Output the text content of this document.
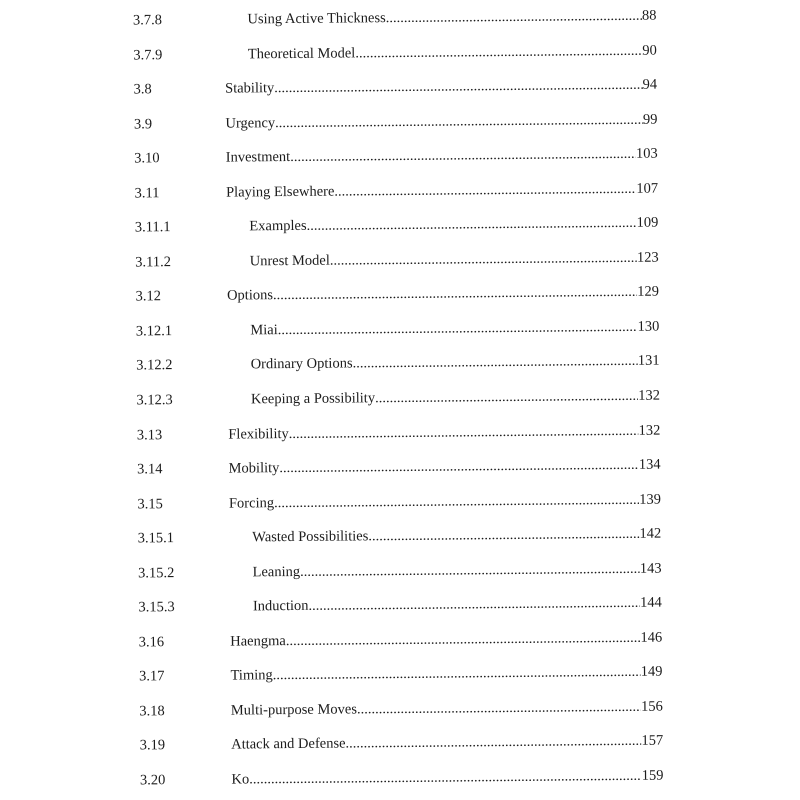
3.7.8	Using Active Thickness .....	88
3.7.9	Theoretical Model .....	90
3.8	Stability .....	94
3.9	Urgency .....	99
3.10	Investment .....	103
3.11	Playing Elsewhere .....	107
3.11.1	Examples .....	109
3.11.2	Unrest Model .....	123
3.12	Options .....	129
3.12.1	Miai .....	130
3.12.2	Ordinary Options .....	131
3.12.3	Keeping a Possibility .....	132
3.13	Flexibility .....	132
3.14	Mobility .....	134
3.15	Forcing .....	139
3.15.1	Wasted Possibilities .....	142
3.15.2	Leaning .....	143
3.15.3	Induction .....	144
3.16	Haengma .....	146
3.17	Timing .....	149
3.18	Multi-purpose Moves .....	156
3.19	Attack and Defense .....	157
3.20	Ko .....	159
